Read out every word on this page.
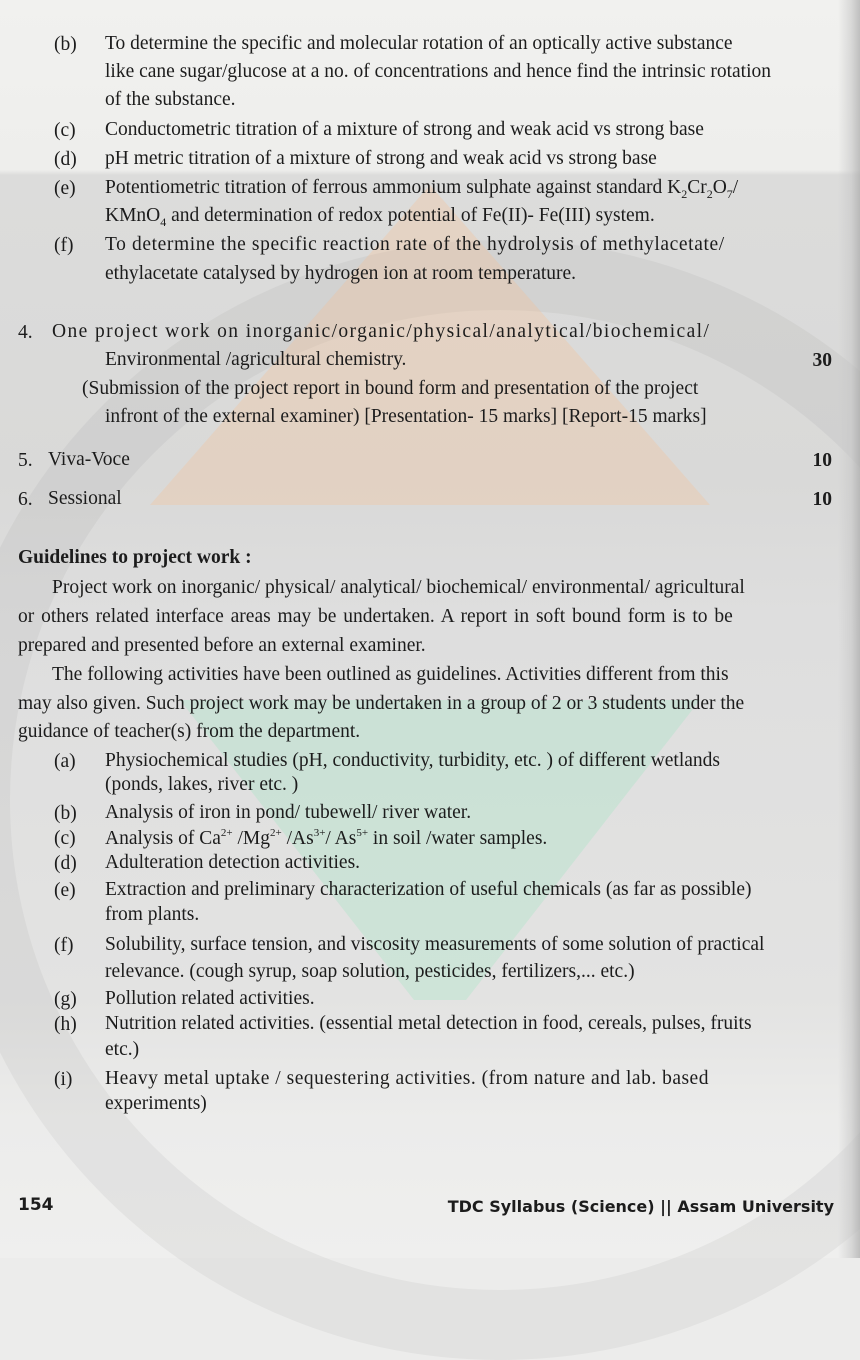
(b) To determine the specific and molecular rotation of an optically active substance
like cane sugar/glucose at a no. of concentrations and hence find the intrinsic rotation
of the substance.
(c) Conductometric titration of a mixture of strong and weak acid vs strong base
(d) pH metric titration of a mixture of strong and weak acid vs strong base
(e) Potentiometric titration of ferrous ammonium sulphate against standard $K_2Cr_2O_7/$
KMnO$_4$ and determination of redox potential of Fe(II)- Fe(III) system.
(f) To determine the specific reaction rate of the hydrolysis of methylacetate/
ethylacetate catalysed by hydrogen ion at room temperature.
4. One project work on inorganic/organic/physical/analytical/biochemical/
Environmental /agricultural chemistry.	30
(Submission of the project report in bound form and presentation of the project
infront of the external examiner) [Presentation- 15 marks] [Report-15 marks]
5. Viva-Voce	10
6. Sessional	10
Guidelines to project work :
Project work on inorganic/ physical/ analytical/ biochemical/ environmental/ agricultural
or others related interface areas may be undertaken. A report in soft bound form is to be
prepared and presented before an external examiner.
The following activities have been outlined as guidelines. Activities different from this
may also given. Such project work may be undertaken in a group of 2 or 3 students under the
guidance of teacher(s) from the department.
(a) Physiochemical studies (pH, conductivity, turbidity, etc. ) of different wetlands
(ponds, lakes, river etc. )
(b) Analysis of iron in pond/ tubewell/ river water.
(c) Analysis of $Ca^{2+}$ $/Mg^{2+}$ $/As^{3+}/$ $As^{5+}$ in soil /water samples.
(d) Adulteration detection activities.
(e) Extraction and preliminary characterization of useful chemicals (as far as possible)
from plants.
(f) Solubility, surface tension, and viscosity measurements of some solution of practical
relevance. (cough syrup, soap solution, pesticides, fertilizers,... etc.)
(g) Pollution related activities.
(h) Nutrition related activities. (essential metal detection in food, cereals, pulses, fruits
etc.)
(i) Heavy metal uptake / sequestering activities. (from nature and lab. based
experiments)
154	TDC Syllabus (Science) || Assam University
